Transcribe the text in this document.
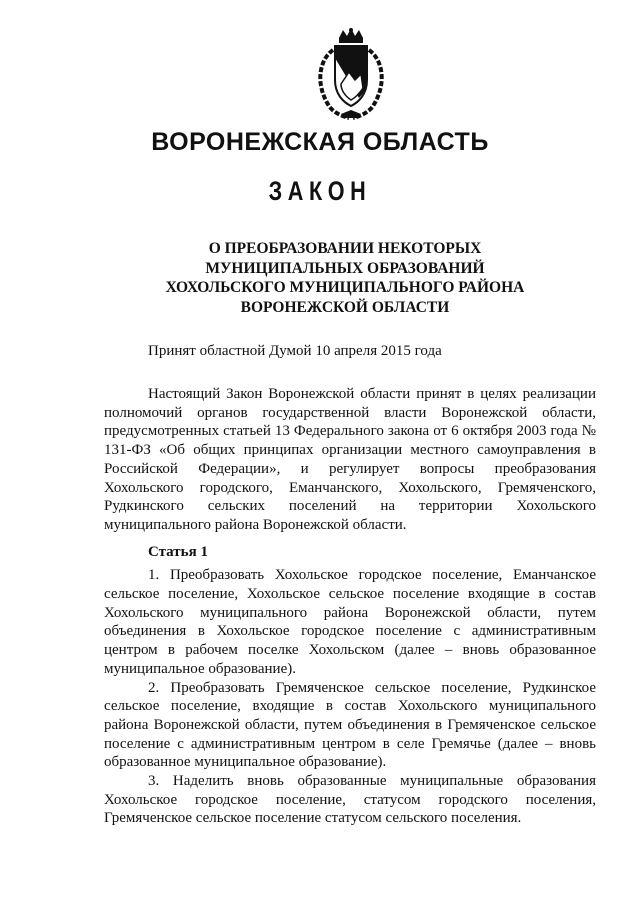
ВОРОНЕЖСКАЯ ОБЛАСТЬ
ЗАКОН
О ПРЕОБРАЗОВАНИИ НЕКОТОРЫХ
МУНИЦИПАЛЬНЫХ ОБРАЗОВАНИЙ
ХОХОЛЬСКОГО МУНИЦИПАЛЬНОГО РАЙОНА
ВОРОНЕЖСКОЙ ОБЛАСТИ

Принят областной Думой 10 апреля 2015 года

Настоящий Закон Воронежской области принят в целях реализации полномочий органов государственной власти Воронежской области, предусмотренных статьей 13 Федерального закона от 6 октября 2003 года № 131-ФЗ «Об общих принципах организации местного самоуправления в Российской Федерации», и регулирует вопросы преобразования Хохольского городского, Еманчанского, Хохольского, Гремяченского, Рудкинского сельских поселений на территории Хохольского муниципального района Воронежской области.

Статья 1

1. Преобразовать Хохольское городское поселение, Еманчанское сельское поселение, Хохольское сельское поселение входящие в состав Хохольского муниципального района Воронежской области, путем объединения в Хохольское городское поселение с административным центром в рабочем поселке Хохольском (далее – вновь образованное муниципальное образование).

2. Преобразовать Гремяченское сельское поселение, Рудкинское сельское поселение, входящие в состав Хохольского муниципального района Воронежской области, путем объединения в Гремяченское сельское поселение с административным центром в селе Гремячье (далее – вновь образованное муниципальное образование).

3. Наделить вновь образованные муниципальные образования Хохольское городское поселение, статусом городского поселения, Гремяченское сельское поселение статусом сельского поселения.
